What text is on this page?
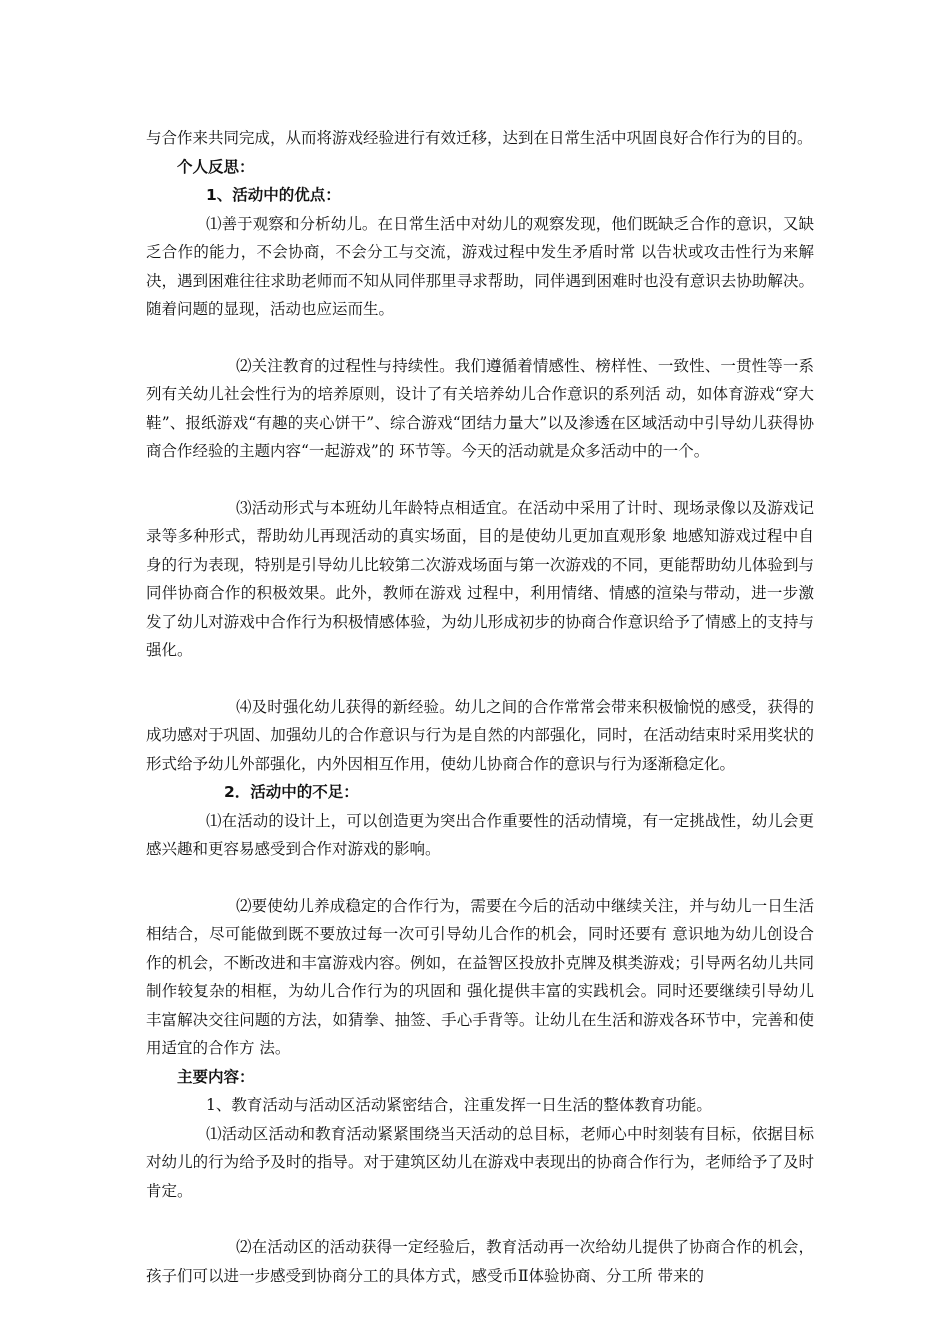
与合作来共同完成，从而将游戏经验进行有效迁移，达到在日常生活中巩固良好合作行为的目的。

个人反思：

1、活动中的优点：

⑴善于观察和分析幼儿。在日常生活中对幼儿的观察发现，他们既缺乏合作的意识，又缺乏合作的能力，不会协商，不会分工与交流，游戏过程中发生矛盾时常 以告状或攻击性行为来解决，遇到困难往往求助老师而不知从同伴那里寻求帮助，同伴遇到困难时也没有意识去协助解决。随着问题的显现，活动也应运而生。

⑵关注教育的过程性与持续性。我们遵循着情感性、榜样性、一致性、一贯性等一系列有关幼儿社会性行为的培养原则，设计了有关培养幼儿合作意识的系列活 动，如体育游戏“穿大鞋”、报纸游戏“有趣的夹心饼干”、综合游戏“团结力量大”以及渗透在区域活动中引导幼儿获得协商合作经验的主题内容“一起游戏”的 环节等。今天的活动就是众多活动中的一个。

⑶活动形式与本班幼儿年龄特点相适宜。在活动中采用了计时、现场录像以及游戏记录等多种形式，帮助幼儿再现活动的真实场面，目的是使幼儿更加直观形象 地感知游戏过程中自身的行为表现，特别是引导幼儿比较第二次游戏场面与第一次游戏的不同，更能帮助幼儿体验到与同伴协商合作的积极效果。此外，教师在游戏 过程中，利用情绪、情感的渲染与带动，进一步激发了幼儿对游戏中合作行为积极情感体验，为幼儿形成初步的协商合作意识给予了情感上的支持与强化。

⑷及时强化幼儿获得的新经验。幼儿之间的合作常常会带来积极愉悦的感受，获得的成功感对于巩固、加强幼儿的合作意识与行为是自然的内部强化，同时，在活动结束时采用奖状的形式给予幼儿外部强化，内外因相互作用，使幼儿协商合作的意识与行为逐渐稳定化。

2．活动中的不足：

⑴在活动的设计上，可以创造更为突出合作重要性的活动情境，有一定挑战性，幼儿会更感兴趣和更容易感受到合作对游戏的影响。

⑵要使幼儿养成稳定的合作行为，需要在今后的活动中继续关注，并与幼儿一日生活相结合，尽可能做到既不要放过每一次可引导幼儿合作的机会，同时还要有 意识地为幼儿创设合作的机会，不断改进和丰富游戏内容。例如，在益智区投放扑克牌及棋类游戏；引导两名幼儿共同制作较复杂的相框，为幼儿合作行为的巩固和 强化提供丰富的实践机会。同时还要继续引导幼儿丰富解决交往问题的方法，如猜拳、抽签、手心手背等。让幼儿在生活和游戏各环节中，完善和使用适宜的合作方 法。

主要内容：

1、教育活动与活动区活动紧密结合，注重发挥一日生活的整体教育功能。

⑴活动区活动和教育活动紧紧围绕当天活动的总目标，老师心中时刻装有目标，依据目标对幼儿的行为给予及时的指导。对于建筑区幼儿在游戏中表现出的协商合作行为，老师给予了及时肯定。

⑵在活动区的活动获得一定经验后，教育活动再一次给幼儿提供了协商合作的机会，孩子们可以进一步感受到协商分工的具体方式，感受币Ⅱ体验协商、分工所 带来的
